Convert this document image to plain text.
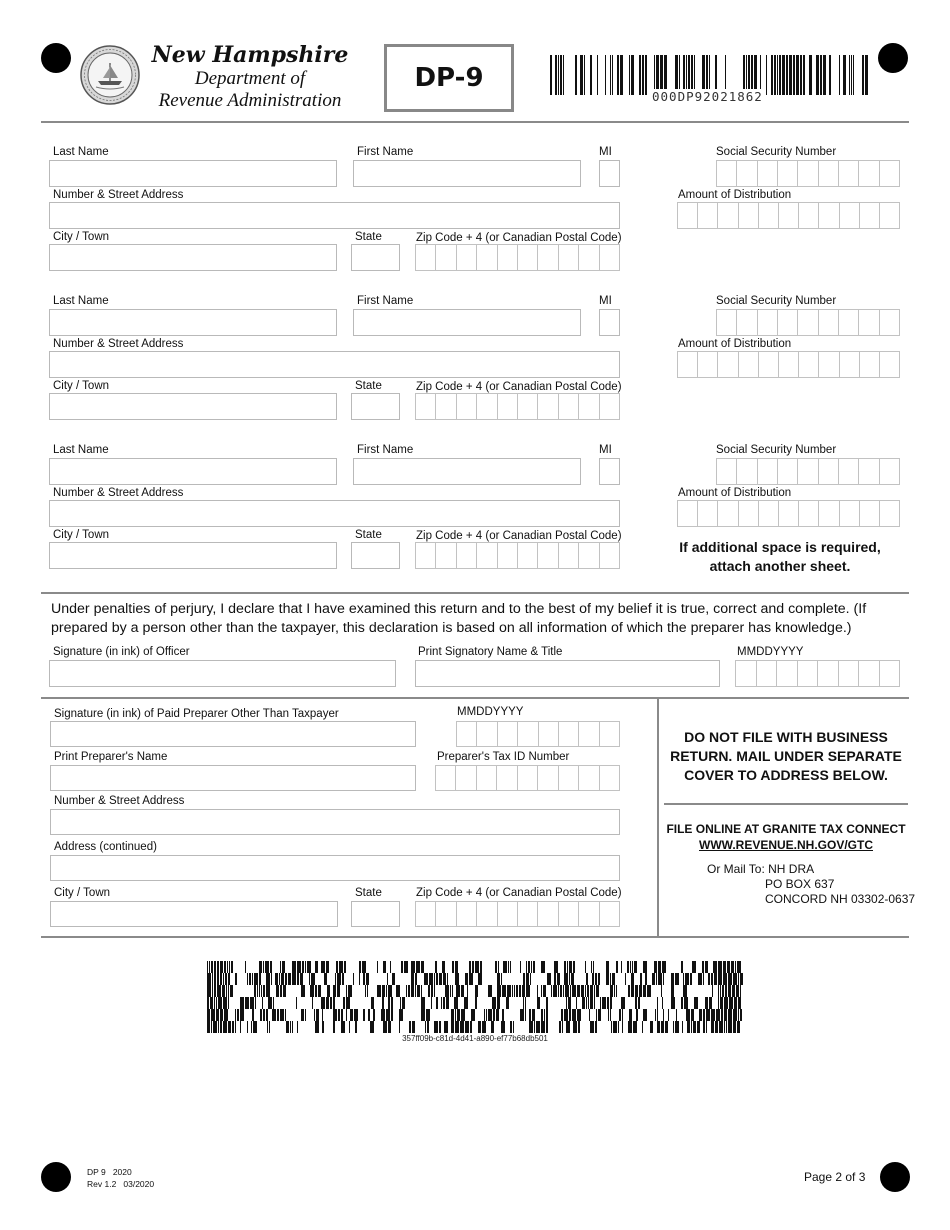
New Hampshire
Department of
Revenue Administration
DP-9
000DP92021862
Last Name	First Name	MI	Social Security Number
Number & Street Address	Amount of Distribution
City / Town	State	Zip Code + 4 (or Canadian Postal Code)
Last Name	First Name	MI	Social Security Number
Number & Street Address	Amount of Distribution
City / Town	State	Zip Code + 4 (or Canadian Postal Code)
Last Name	First Name	MI	Social Security Number
Number & Street Address	Amount of Distribution
City / Town	State	Zip Code + 4 (or Canadian Postal Code)
If additional space is required,
attach another sheet.
Under penalties of perjury, I declare that I have examined this return and to the best of my belief it is true, correct and complete. (If prepared by a person other than the taxpayer, this declaration is based on all information of which the preparer has knowledge.)
Signature (in ink) of Officer	Print Signatory Name & Title	MMDDYYYY
Signature (in ink) of Paid Preparer Other Than Taxpayer	MMDDYYYY
Print Preparer's Name	Preparer's Tax ID Number
Number & Street Address
Address (continued)
City / Town	State	Zip Code + 4 (or Canadian Postal Code)
DO NOT FILE WITH BUSINESS
RETURN. MAIL UNDER SEPARATE
COVER TO ADDRESS BELOW.
FILE ONLINE AT GRANITE TAX CONNECT
WWW.REVENUE.NH.GOV/GTC
Or Mail To: NH DRA
PO BOX 637
CONCORD NH 03302-0637
357ff09b-c81d-4d41-a890-ef77b68db501
DP 9   2020
Rev 1.2   03/2020	Page 2 of 3
